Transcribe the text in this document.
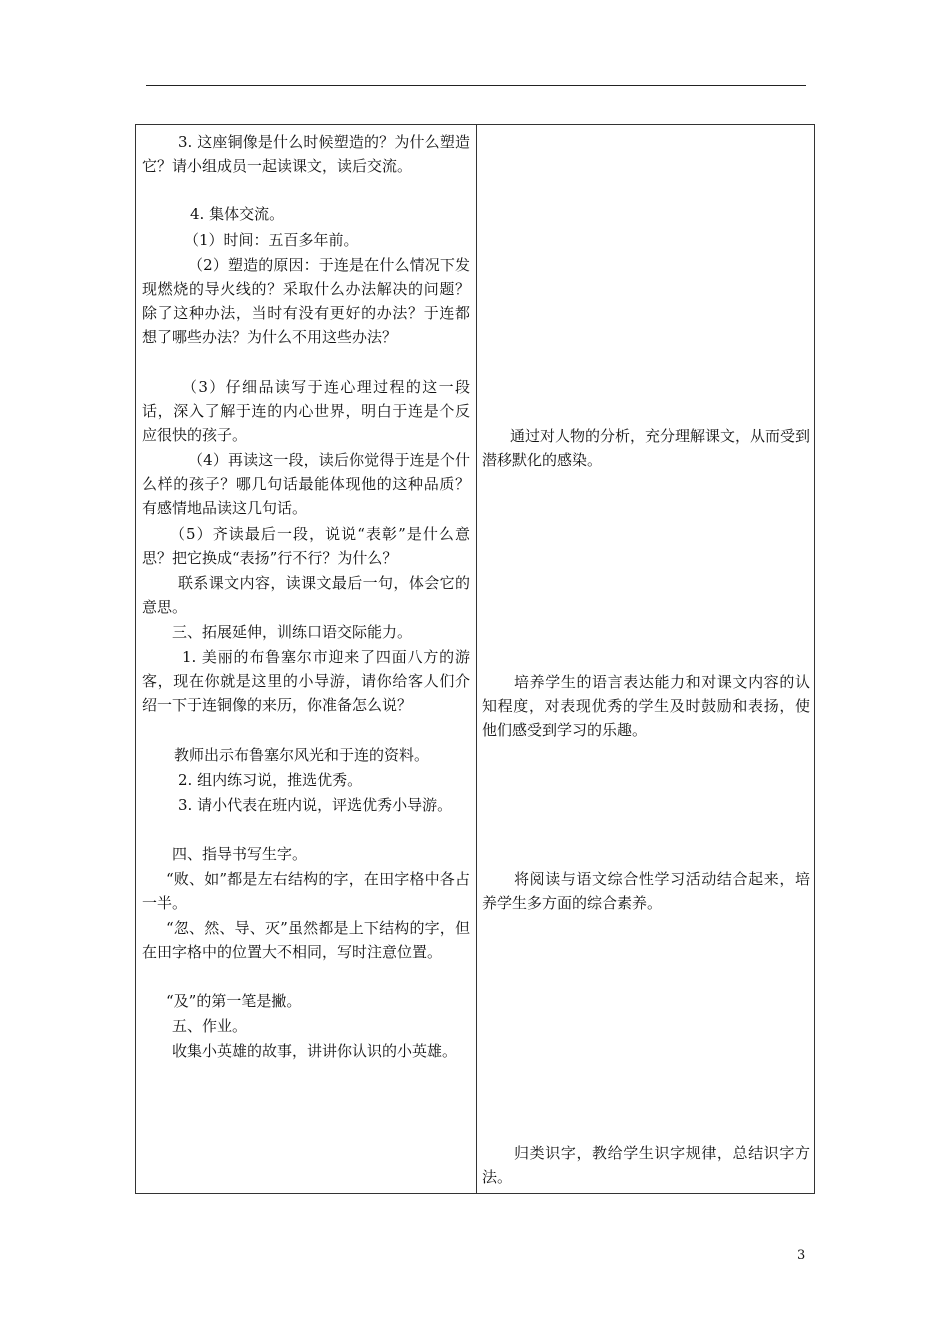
3. 这座铜像是什么时候塑造的？为什么塑造它？请小组成员一起读课文，读后交流。

4. 集体交流。

（1）时间：五百多年前。

（2）塑造的原因：于连是在什么情况下发现燃烧的导火线的？采取什么办法解决的问题？除了这种办法，当时有没有更好的办法？于连都想了哪些办法？为什么不用这些办法？

（3）仔细品读写于连心理过程的这一段话，深入了解于连的内心世界，明白于连是个反应很快的孩子。

（4）再读这一段，读后你觉得于连是个什么样的孩子？哪几句话最能体现他的这种品质？有感情地品读这几句话。

（5）齐读最后一段，说说“表彰”是什么意思？把它换成“表扬”行不行？为什么？

联系课文内容，读课文最后一句，体会它的意思。

三、拓展延伸，训练口语交际能力。

1. 美丽的布鲁塞尔市迎来了四面八方的游客，现在你就是这里的小导游，请你给客人们介绍一下于连铜像的来历，你准备怎么说？

教师出示布鲁塞尔风光和于连的资料。

2. 组内练习说，推选优秀。

3. 请小代表在班内说，评选优秀小导游。

四、指导书写生字。

“败、如”都是左右结构的字，在田字格中各占一半。

“忽、然、导、灭”虽然都是上下结构的字，但在田字格中的位置大不相同，写时注意位置。

“及”的第一笔是撇。

五、作业。

收集小英雄的故事，讲讲你认识的小英雄。

通过对人物的分析，充分理解课文，从而受到潜移默化的感染。

培养学生的语言表达能力和对课文内容的认知程度，对表现优秀的学生及时鼓励和表扬，使他们感受到学习的乐趣。

将阅读与语文综合性学习活动结合起来，培养学生多方面的综合素养。

归类识字，教给学生识字规律，总结识字方法。

3
